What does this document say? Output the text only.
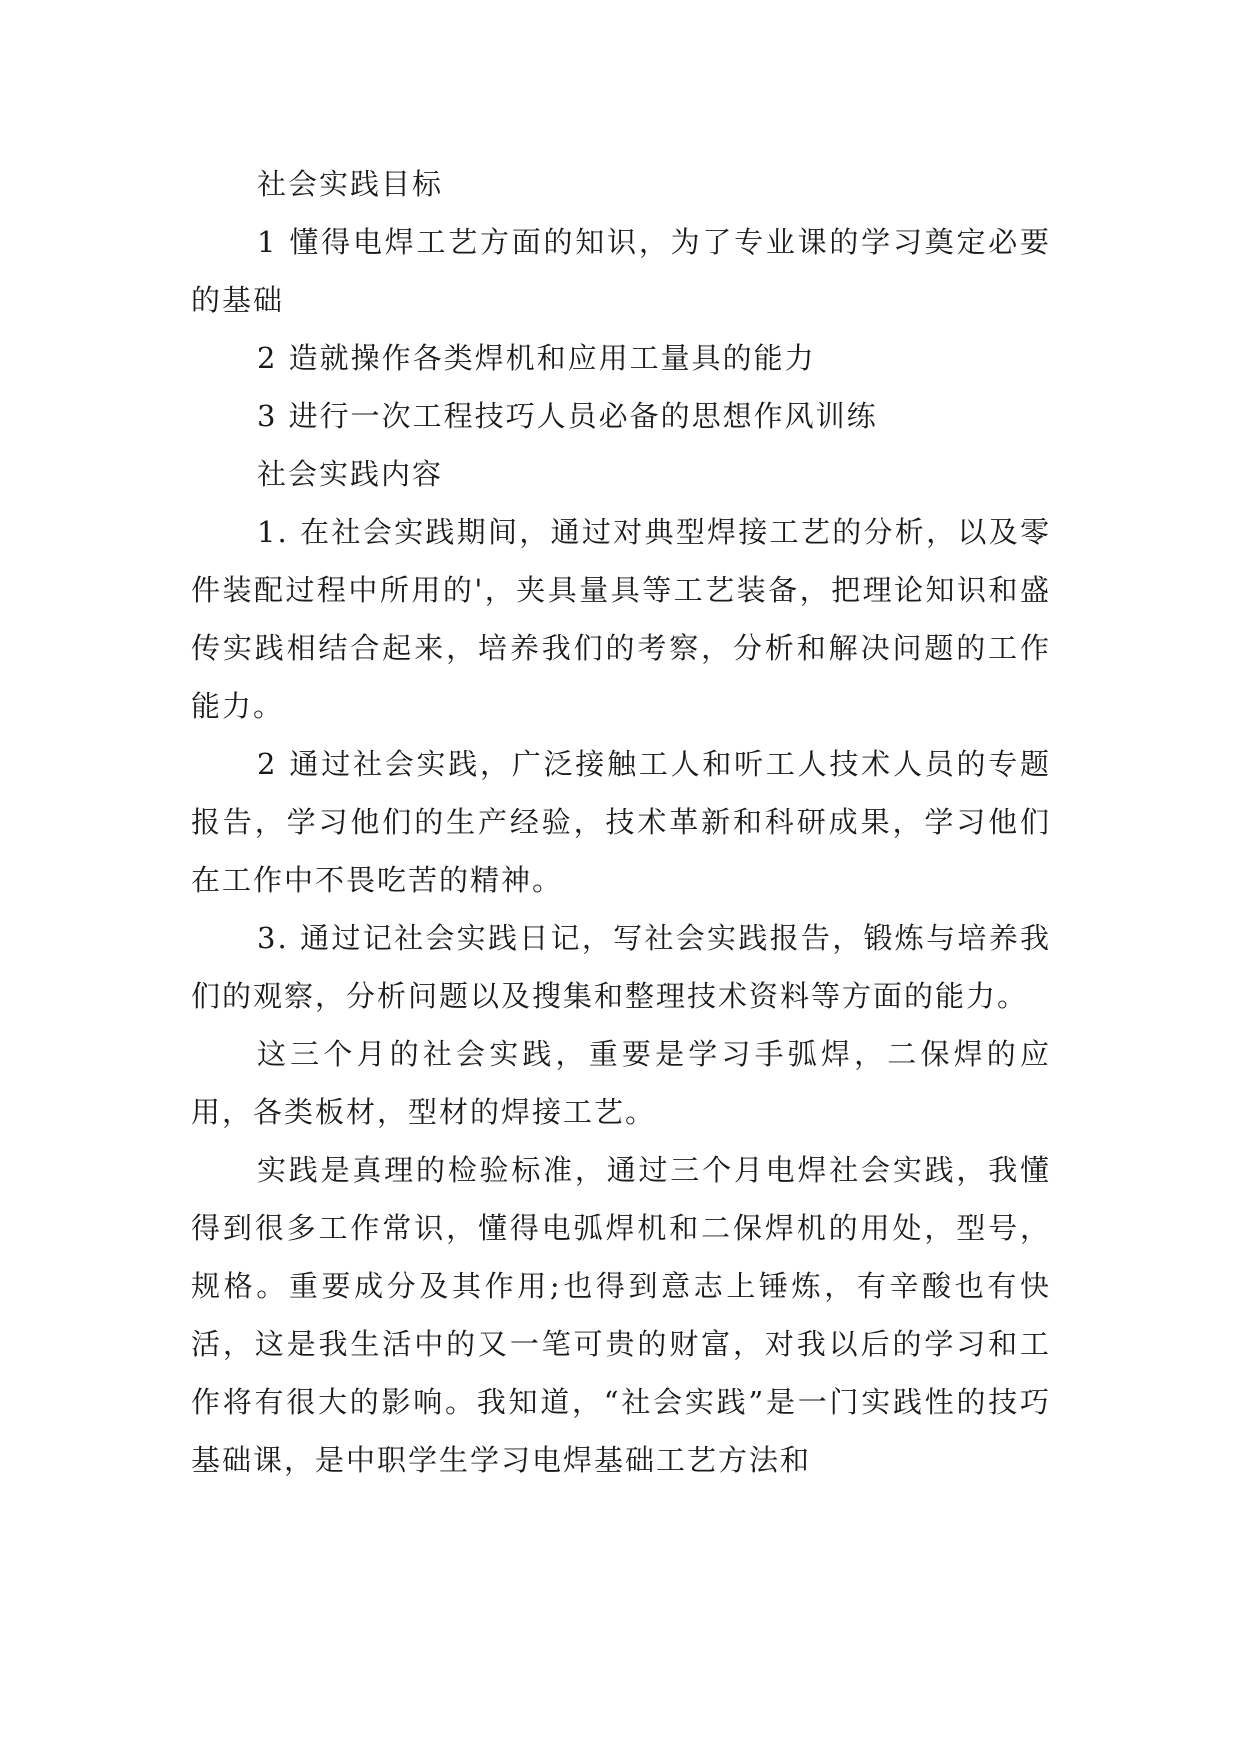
社会实践目标

1 懂得电焊工艺方面的知识，为了专业课的学习奠定必要的基础

2 造就操作各类焊机和应用工量具的能力

3 进行一次工程技巧人员必备的思想作风训练

社会实践内容

1. 在社会实践期间，通过对典型焊接工艺的分析，以及零件装配过程中所用的'，夹具量具等工艺装备，把理论知识和盛传实践相结合起来，培养我们的考察，分析和解决问题的工作能力。

2 通过社会实践，广泛接触工人和听工人技术人员的专题报告，学习他们的生产经验，技术革新和科研成果，学习他们在工作中不畏吃苦的精神。

3. 通过记社会实践日记，写社会实践报告，锻炼与培养我们的观察，分析问题以及搜集和整理技术资料等方面的能力。

这三个月的社会实践，重要是学习手弧焊，二保焊的应用，各类板材，型材的焊接工艺。

实践是真理的检验标准，通过三个月电焊社会实践，我懂得到很多工作常识，懂得电弧焊机和二保焊机的用处，型号，规格。重要成分及其作用;也得到意志上锤炼，有辛酸也有快活，这是我生活中的又一笔可贵的财富，对我以后的学习和工作将有很大的影响。我知道，“社会实践”是一门实践性的技巧基础课，是中职学生学习电焊基础工艺方法和
